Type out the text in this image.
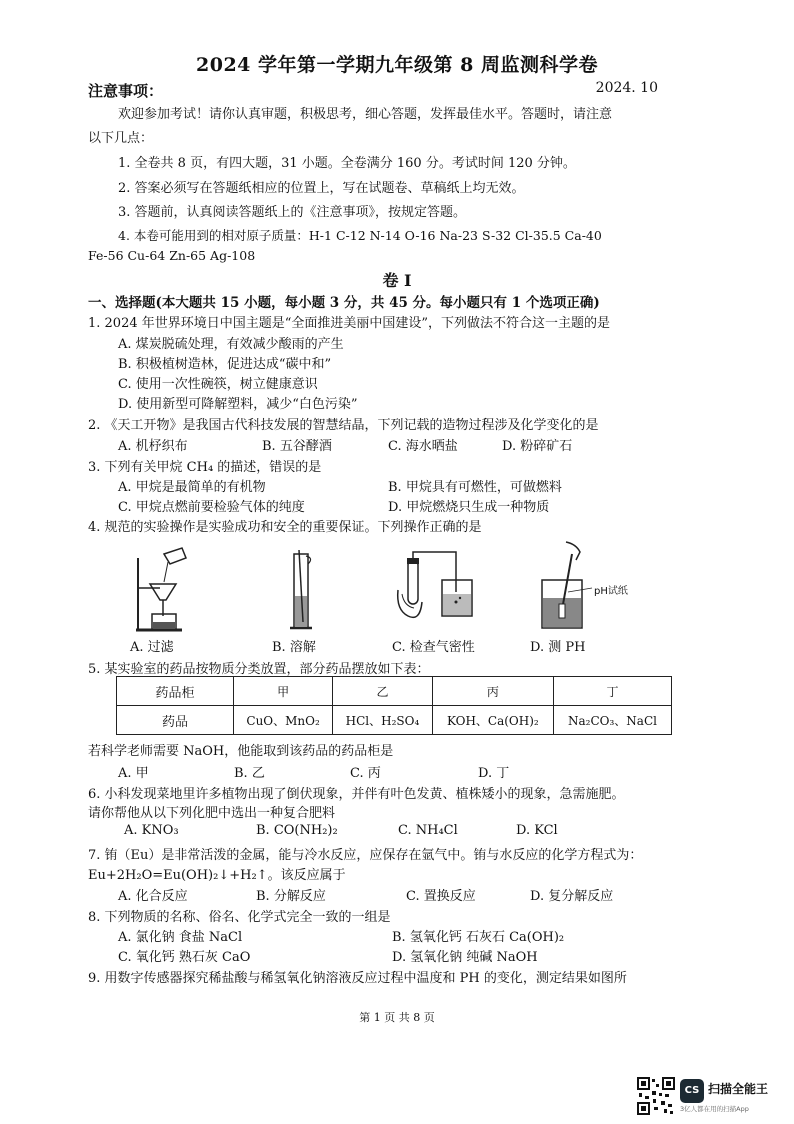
2024 学年第一学期九年级第 8 周监测科学卷
注意事项：	2024. 10
欢迎参加考试！请你认真审题，积极思考，细心答题，发挥最佳水平。答题时，请注意
以下几点：
1. 全卷共 8 页，有四大题，31 小题。全卷满分 160 分。考试时间 120 分钟。
2. 答案必须写在答题纸相应的位置上，写在试题卷、草稿纸上均无效。
3. 答题前，认真阅读答题纸上的《注意事项》，按规定答题。
4. 本卷可能用到的相对原子质量：H-1 C-12 N-14 O-16 Na-23 S-32 Cl-35.5 Ca-40
Fe-56 Cu-64 Zn-65 Ag-108
卷 I
一、选择题(本大题共 15 小题，每小题 3 分，共 45 分。每小题只有 1 个选项正确)
1. 2024 年世界环境日中国主题是“全面推进美丽中国建设”，下列做法不符合这一主题的是
A. 煤炭脱硫处理，有效减少酸雨的产生
B. 积极植树造林，促进达成“碳中和”
C. 使用一次性碗筷，树立健康意识
D. 使用新型可降解塑料，减少“白色污染”
2. 《天工开物》是我国古代科技发展的智慧结晶，下列记载的造物过程涉及化学变化的是
A. 机杼织布	B. 五谷酵酒	C. 海水晒盐	D. 粉碎矿石
3. 下列有关甲烷 CH₄ 的描述，错误的是
A. 甲烷是最简单的有机物	B. 甲烷具有可燃性，可做燃料
C. 甲烷点燃前要检验气体的纯度	D. 甲烷燃烧只生成一种物质
4. 规范的实验操作是实验成功和安全的重要保证。下列操作正确的是
pH试纸
A. 过滤	B. 溶解	C. 检查气密性	D. 测 PH
5. 某实验室的药品按物质分类放置，部分药品摆放如下表：
药品柜	甲	乙	丙	丁
药品	CuO、MnO₂	HCl、H₂SO₄	KOH、Ca(OH)₂	Na₂CO₃、NaCl
若科学老师需要 NaOH，他能取到该药品的药品柜是
A. 甲	B. 乙	C. 丙	D. 丁
6. 小科发现菜地里许多植物出现了倒伏现象，并伴有叶色发黄、植株矮小的现象，急需施肥。
请你帮他从以下列化肥中选出一种复合肥料
A. KNO₃	B. CO(NH₂)₂	C. NH₄Cl	D. KCl
7. 铕（Eu）是非常活泼的金属，能与冷水反应，应保存在氩气中。铕与水反应的化学方程式为：
Eu+2H₂O=Eu(OH)₂↓+H₂↑。该反应属于
A. 化合反应	B. 分解反应	C. 置换反应	D. 复分解反应
8. 下列物质的名称、俗名、化学式完全一致的一组是
A. 氯化钠 食盐 NaCl	B. 氢氧化钙 石灰石 Ca(OH)₂
C. 氧化钙 熟石灰 CaO	D. 氢氧化钠 纯碱 NaOH
9. 用数字传感器探究稀盐酸与稀氢氧化钠溶液反应过程中温度和 PH 的变化，测定结果如图所
第 1 页 共 8 页
CS 扫描全能王
3亿人都在用的扫描App
